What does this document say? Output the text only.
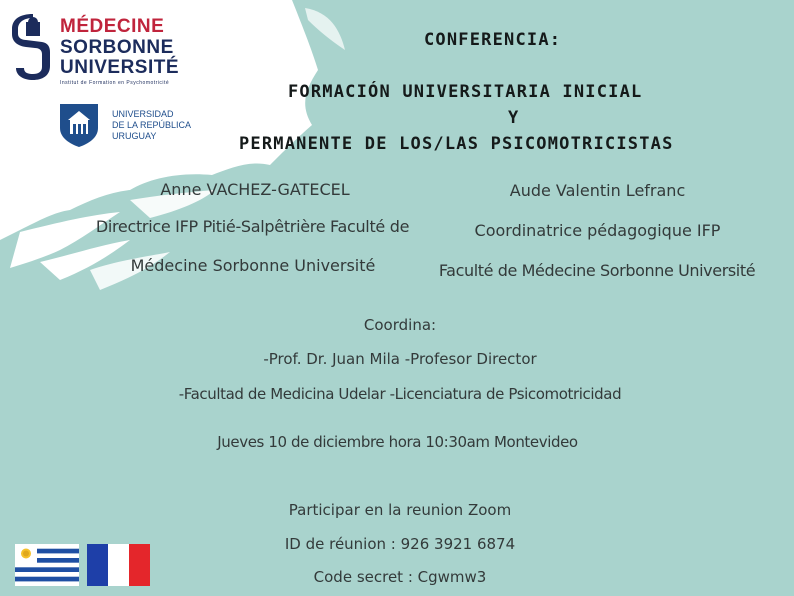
MÉDECINE
SORBONNE
UNIVERSITÉ
Institut de Formation en Psychomotricité
UNIVERSIDAD
DE LA REPÚBLICA
URUGUAY
CONFERENCIA:
FORMACIÓN UNIVERSITARIA INICIAL
Y
PERMANENTE DE LOS/LAS PSICOMOTRICISTAS
Anne VACHEZ-GATECEL
Directrice IFP Pitié-Salpêtrière Faculté de
Médecine Sorbonne Université
Aude Valentin Lefranc
Coordinatrice pédagogique IFP
Faculté de Médecine Sorbonne Université
Coordina:
-Prof. Dr. Juan Mila -Profesor Director
-Facultad de Medicina Udelar -Licenciatura de Psicomotricidad
Jueves 10 de diciembre hora 10:30am Montevideo
Participar en la reunion Zoom
ID de réunion : 926 3921 6874
Code secret : Cgwmw3
